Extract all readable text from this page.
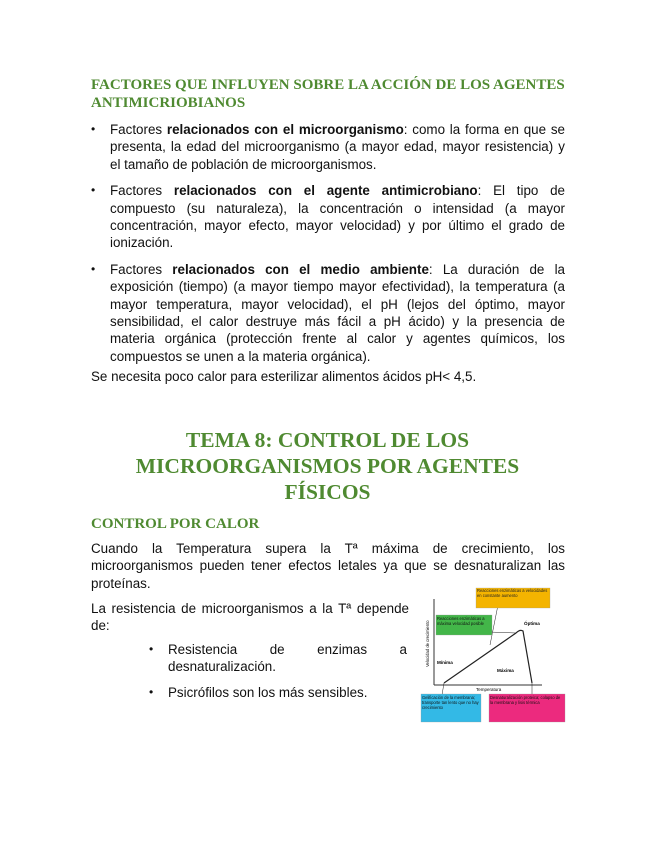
FACTORES QUE INFLUYEN SOBRE LA ACCIÓN DE LOS AGENTES ANTIMICRIOBIANOS
• Factores relacionados con el microorganismo: como la forma en que se presenta, la edad del microorganismo (a mayor edad, mayor resistencia) y el tamaño de población de microorganismos.
• Factores relacionados con el agente antimicrobiano: El tipo de compuesto (su naturaleza), la concentración o intensidad (a mayor concentración, mayor efecto, mayor velocidad) y por último el grado de ionización.
• Factores relacionados con el medio ambiente: La duración de la exposición (tiempo) (a mayor tiempo mayor efectividad), la temperatura (a mayor temperatura, mayor velocidad), el pH (lejos del óptimo, mayor sensibilidad, el calor destruye más fácil a pH ácido) y la presencia de materia orgánica (protección frente al calor y agentes químicos, los compuestos se unen a la materia orgánica).
Se necesita poco calor para esterilizar alimentos ácidos pH< 4,5.
TEMA 8: CONTROL DE LOS
MICROORGANISMOS POR AGENTES
FÍSICOS
CONTROL POR CALOR
Cuando la Temperatura supera la Tª máxima de crecimiento, los microorganismos pueden tener efectos letales ya que se desnaturalizan las proteínas.
La resistencia de microorganismos a la Tª depende de:
• Resistencia de enzimas a desnaturalización.
• Psicrófilos son los más sensibles.
Velocidad de crecimiento
Temperatura
Óptima
Mínima
Máxima
Reacciones enzimáticas a velocidades en constante aumento
Reacciones enzimáticas a máxima velocidad posible
Gelificación de la membrana; transporte tan lento que no hay crecimiento
Desnaturalización proteica; colapso de la membrana y lisis térmica
